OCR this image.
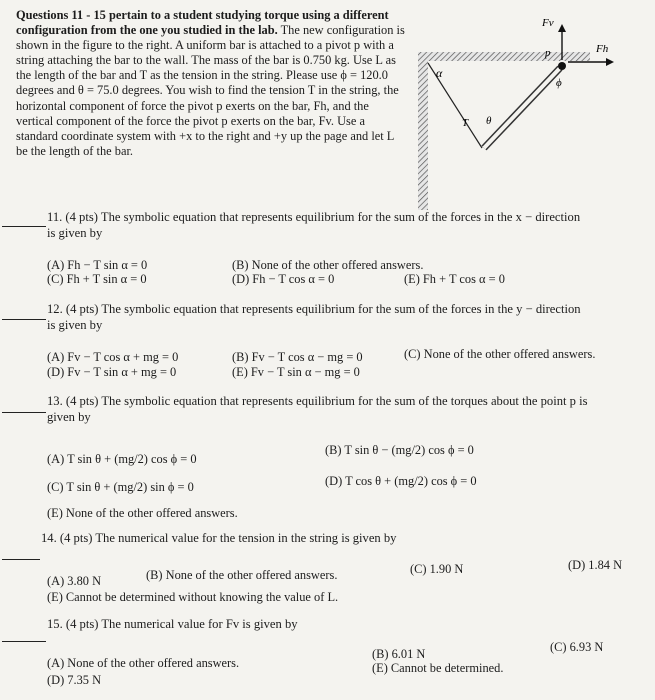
Questions 11 - 15 pertain to a student studying torque using a different configuration from the one you studied in the lab. The new configuration is shown in the figure to the right. A uniform bar is attached to a pivot p with a string attaching the bar to the wall. The mass of the bar is 0.750 kg. Use L as the length of the bar and T as the tension in the string. Please use ϕ = 120.0 degrees and θ = 75.0 degrees. You wish to find the tension T in the string, the horizontal component of force the pivot p exerts on the bar, Fh, and the vertical component of the force the pivot p exerts on the bar, Fv. Use a standard coordinate system with +x to the right and +y up the page and let L be the length of the bar.
α
T θ
p
ϕ
Fv
Fh
11. (4 pts) The symbolic equation that represents equilibrium for the sum of the forces in the x − direction
is given by
(A) Fh − T sin α = 0	(B) None of the other offered answers.
(C) Fh + T sin α = 0	(D) Fh − T cos α = 0	(E) Fh + T cos α = 0
12. (4 pts) The symbolic equation that represents equilibrium for the sum of the forces in the y − direction
is given by
(A) Fv − T cos α + mg = 0	(B) Fv − T cos α − mg = 0	(C) None of the other offered answers.
(D) Fv − T sin α + mg = 0	(E) Fv − T sin α − mg = 0
13. (4 pts) The symbolic equation that represents equilibrium for the sum of the torques about the point p is
given by
(A) T sin θ + (mg/2) cos ϕ = 0
(B) T sin θ − (mg/2) cos ϕ = 0
(C) T sin θ + (mg/2) sin ϕ = 0	(D) T cos θ + (mg/2) cos ϕ = 0
(E) None of the other offered answers.
14. (4 pts) The numerical value for the tension in the string is given by
(A) 3.80 N	(B) None of the other offered answers.	(C) 1.90 N	(D) 1.84 N
(E) Cannot be determined without knowing the value of L.
15. (4 pts) The numerical value for Fv is given by
(A) None of the other offered answers.
(B) 6.01 N	(C) 6.93 N
(D) 7.35 N
(E) Cannot be determined.
